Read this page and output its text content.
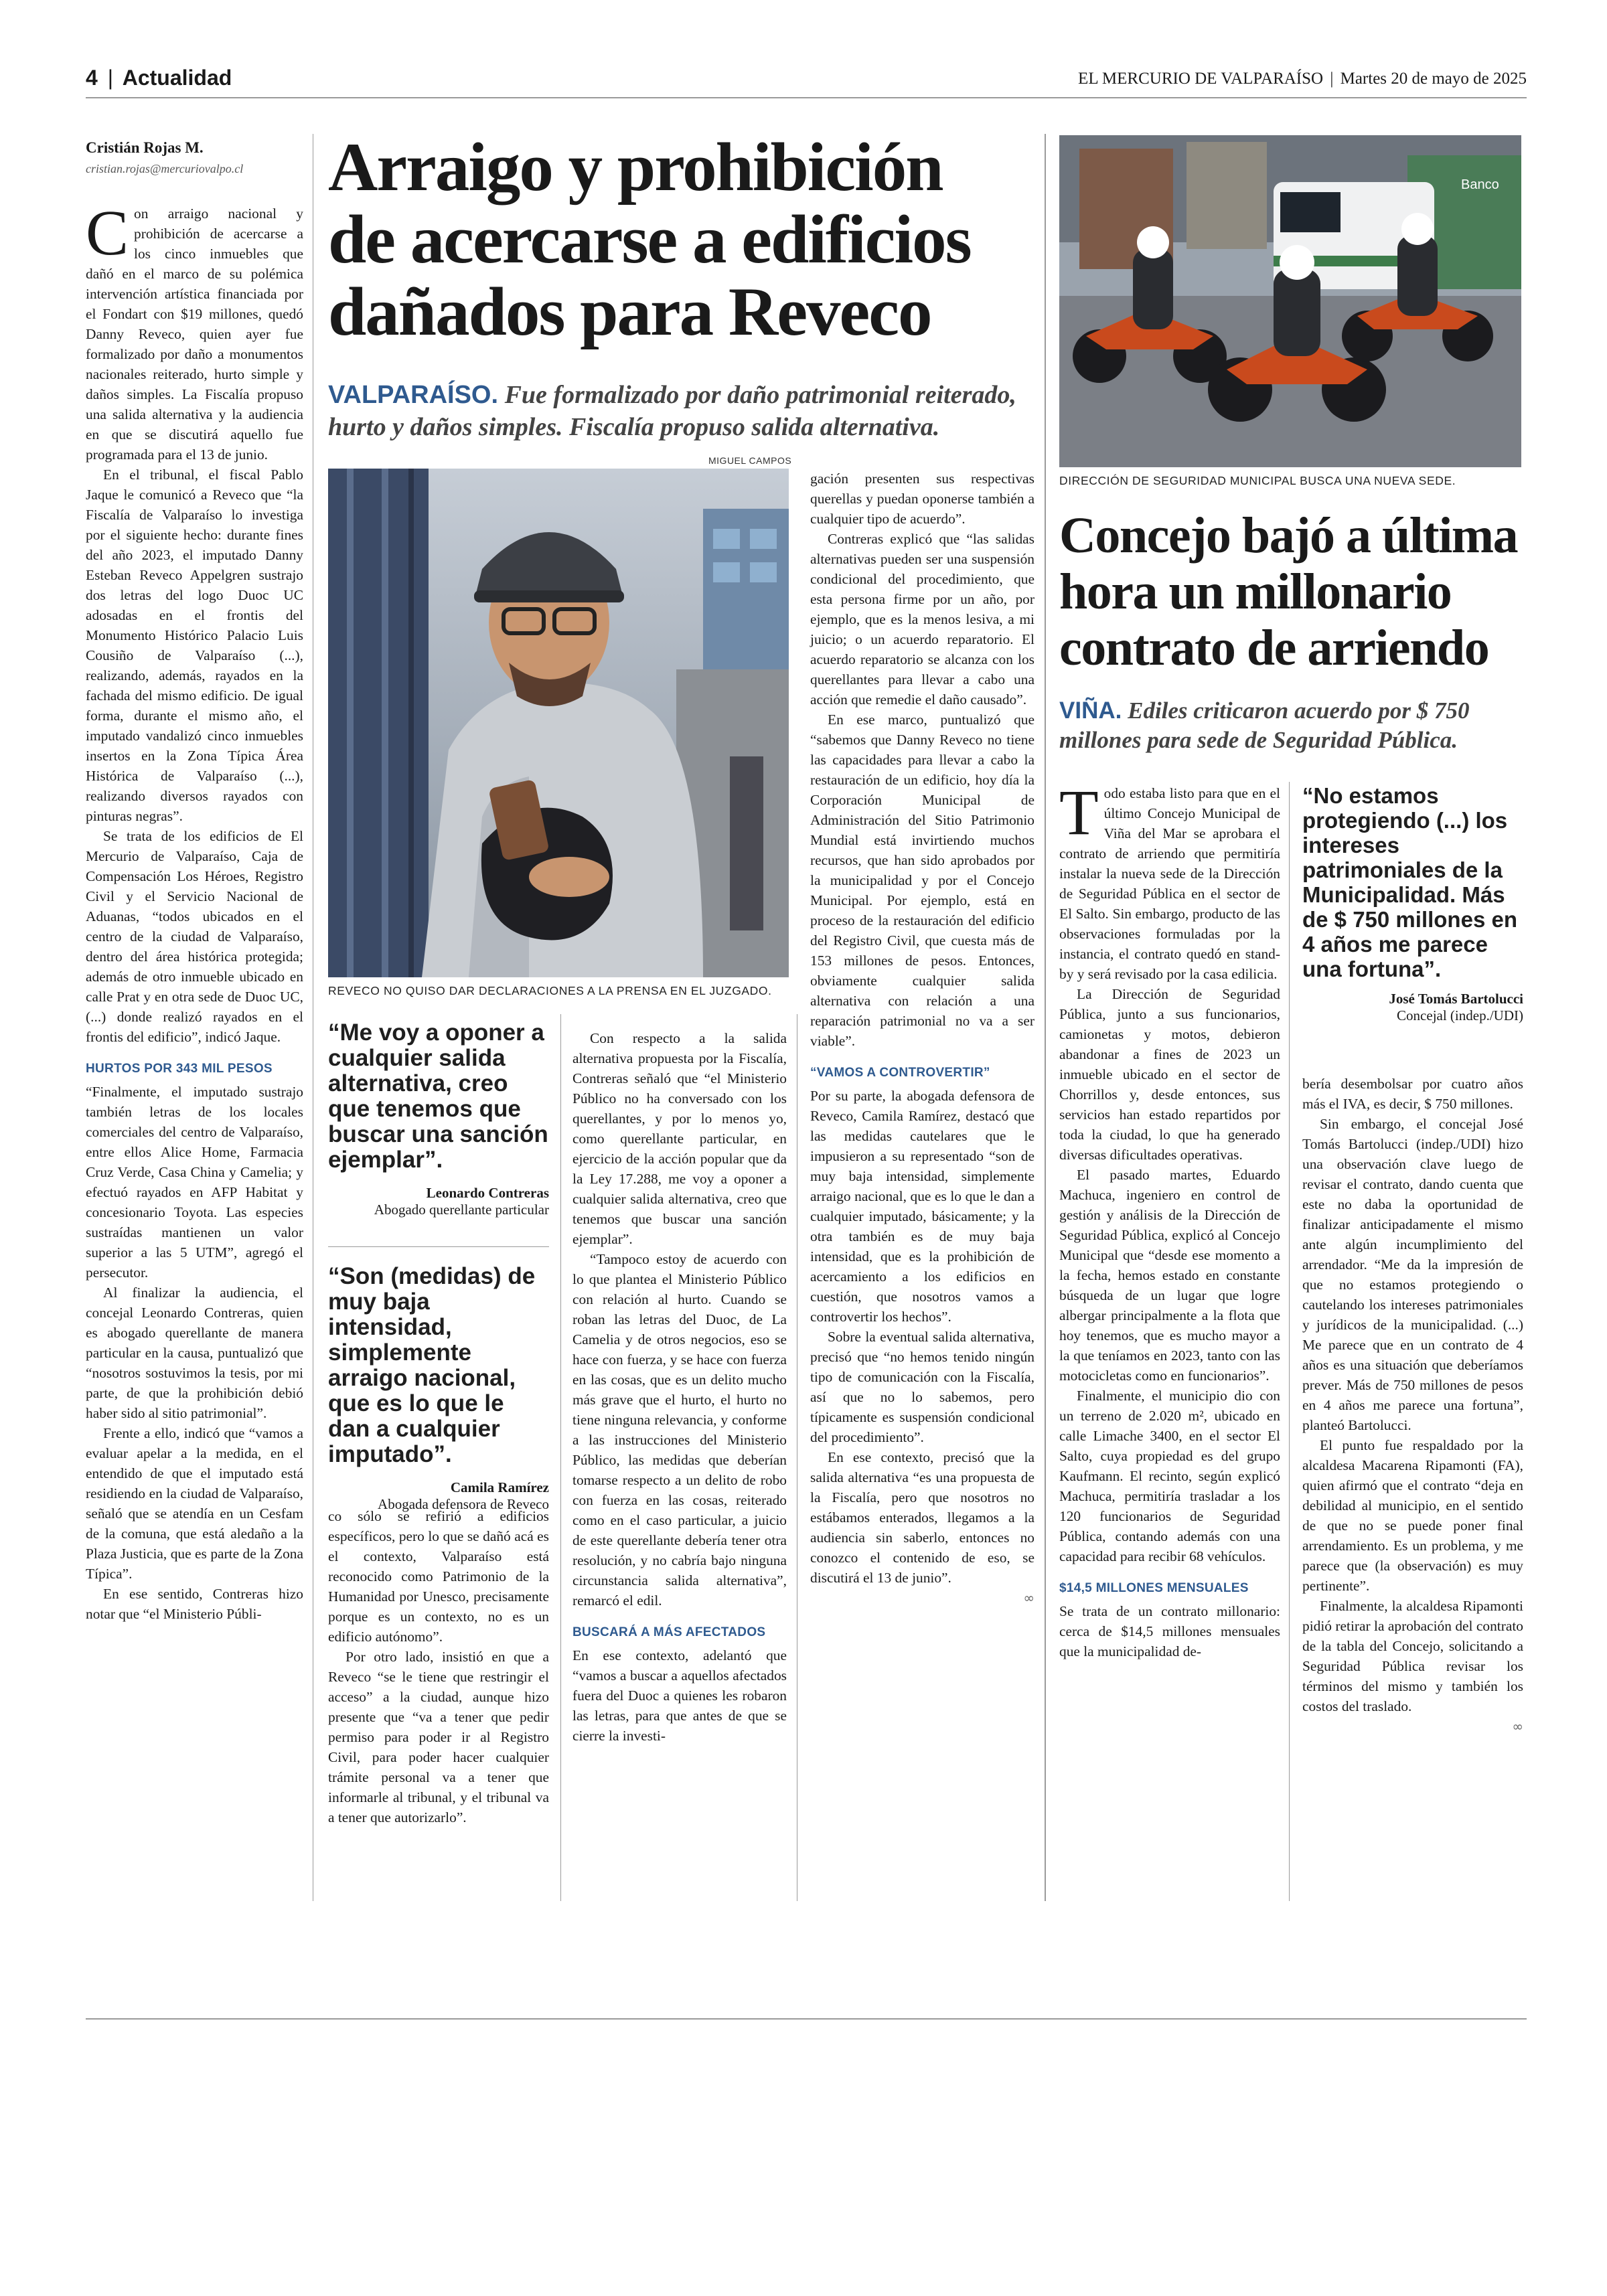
4 | Actualidad	EL MERCURIO DE VALPARAÍSO | Martes 20 de mayo de 2025
Cristián Rojas M.
cristian.rojas@mercuriovalpo.cl Arraigo y prohibición
de acercarse a edificios
dañados para Reveco
VALPARAÍSO. Fue formalizado por daño patrimonial reiterado, hurto y daños simples. Fiscalía propuso salida alternativa.
MIGUEL CAMPOS
REVECO NO QUISO DAR DECLARACIONES A LA PRENSA EN EL JUZGADO.

Con arraigo nacional y prohibición de acercarse a los cinco inmuebles que dañó en el marco de su polémica intervención artística financiada por el Fondart con $19 millones, quedó Danny Reveco, quien ayer fue formalizado por daño a monumentos nacionales reiterado, hurto simple y daños simples. La Fiscalía propuso una salida alternativa y la audiencia en que se discutirá aquello fue programada para el 13 de junio.

En el tribunal, el fiscal Pablo Jaque le comunicó a Reveco que “la Fiscalía de Valparaíso lo investiga por el siguiente hecho: durante fines del año 2023, el imputado Danny Esteban Reveco Appelgren sustrajo dos letras del logo Duoc UC adosadas en el frontis del Monumento Histórico Palacio Luis Cousiño de Valparaíso (...), realizando, además, rayados en la fachada del mismo edificio. De igual forma, durante el mismo año, el imputado vandalizó cinco inmuebles insertos en la Zona Típica Área Histórica de Valparaíso (...), realizando diversos rayados con pinturas negras”.

Se trata de los edificios de El Mercurio de Valparaíso, Caja de Compensación Los Héroes, Registro Civil y el Servicio Nacional de Aduanas, “todos ubicados en el centro de la ciudad de Valparaíso, dentro del área histórica protegida; además de otro inmueble ubicado en calle Prat y en otra sede de Duoc UC, (...) donde realizó rayados en el frontis del edificio”, indicó Jaque.

HURTOS POR 343 MIL PESOS

“Finalmente, el imputado sustrajo también letras de los locales comerciales del centro de Valparaíso, entre ellos Alice Home, Farmacia Cruz Verde, Casa China y Camelia; y efectuó rayados en AFP Habitat y concesionario Toyota. Las especies sustraídas mantienen un valor superior a las 5 UTM”, agregó el persecutor.

Al finalizar la audiencia, el concejal Leonardo Contreras, quien es abogado querellante de manera particular en la causa, puntualizó que “nosotros sostuvimos la tesis, por mi parte, de que la prohibición debió haber sido al sitio patrimonial”.

Frente a ello, indicó que “vamos a evaluar apelar a la medida, en el entendido de que el imputado está residiendo en la ciudad de Valparaíso, señaló que se atendía en un Cesfam de la comuna, que está aledaño a la Plaza Justicia, que es parte de la Zona Típica”.

En ese sentido, Contreras hizo notar que “el Ministerio Públi-

“Me voy a oponer a cualquier salida alternativa, creo que tenemos que buscar una sanción ejemplar”.
Leonardo Contreras
Abogado querellante particular
“Son (medidas) de muy baja intensidad, simplemente arraigo nacional, que es lo que le dan a cualquier imputado”.
Camila Ramírez
Abogada defensora de Reveco

co sólo se refirió a edificios específicos, pero lo que se dañó acá es el contexto, Valparaíso está reconocido como Patrimonio de la Humanidad por Unesco, precisamente porque es un contexto, no es un edificio autónomo”.

Por otro lado, insistió en que a Reveco “se le tiene que restringir el acceso” a la ciudad, aunque hizo presente que “va a tener que pedir permiso para poder ir al Registro Civil, para poder hacer cualquier trámite personal va a tener que informarle al tribunal, y el tribunal va a tener que autorizarlo”.

Con respecto a la salida alternativa propuesta por la Fiscalía, Contreras señaló que “el Ministerio Público no ha conversado con los querellantes, y por lo menos yo, como querellante particular, en ejercicio de la acción popular que da la Ley 17.288, me voy a oponer a cualquier salida alternativa, creo que tenemos que buscar una sanción ejemplar”.

“Tampoco estoy de acuerdo con lo que plantea el Ministerio Público con relación al hurto. Cuando se roban las letras del Duoc, de La Camelia y de otros negocios, eso se hace con fuerza, y se hace con fuerza en las cosas, que es un delito mucho más grave que el hurto, el hurto no tiene ninguna relevancia, y conforme a las instrucciones del Ministerio Público, las medidas que deberían tomarse respecto a un delito de robo con fuerza en las cosas, reiterado como en el caso particular, a juicio de este querellante debería tener otra resolución, y no cabría bajo ninguna circunstancia salida alternativa”, remarcó el edil.

BUSCARÁ A MÁS AFECTADOS

En ese contexto, adelantó que “vamos a buscar a aquellos afectados fuera del Duoc a quienes les robaron las letras, para que antes de que se cierre la investi-

gación presenten sus respectivas querellas y puedan oponerse también a cualquier tipo de acuerdo”.

Contreras explicó que “las salidas alternativas pueden ser una suspensión condicional del procedimiento, que esta persona firme por un año, por ejemplo, que es la menos lesiva, a mi juicio; o un acuerdo reparatorio. El acuerdo reparatorio se alcanza con los querellantes para llevar a cabo una acción que remedie el daño causado”.

En ese marco, puntualizó que “sabemos que Danny Reveco no tiene las capacidades para llevar a cabo la restauración de un edificio, hoy día la Corporación Municipal de Administración del Sitio Patrimonio Mundial está invirtiendo muchos recursos, que han sido aprobados por la municipalidad y por el Concejo Municipal. Por ejemplo, está en proceso de la restauración del edificio del Registro Civil, que cuesta más de 153 millones de pesos. Entonces, obviamente cualquier salida alternativa con relación a una reparación patrimonial no va a ser viable”.

“VAMOS A CONTROVERTIR”

Por su parte, la abogada defensora de Reveco, Camila Ramírez, destacó que las medidas cautelares que le impusieron a su representado “son de muy baja intensidad, simplemente arraigo nacional, que es lo que le dan a cualquier imputado, básicamente; y la otra también es de muy baja intensidad, que es la prohibición de acercamiento a los edificios en cuestión, que nosotros vamos a controvertir los hechos”.

Sobre la eventual salida alternativa, precisó que “no hemos tenido ningún tipo de comunicación con la Fiscalía, así que no lo sabemos, pero típicamente es suspensión condicional del procedimiento”.

En ese contexto, precisó que la salida alternativa “es una propuesta de la Fiscalía, pero que nosotros no estábamos enterados, llegamos a la audiencia sin saberlo, entonces no conozco el contenido de eso, se discutirá el 13 de junio”.

∞
Banco
DIRECCIÓN DE SEGURIDAD MUNICIPAL BUSCA UNA NUEVA SEDE.
Concejo bajó a última
hora un millonario
contrato de arriendo
VIÑA. Ediles criticaron acuerdo por $ 750 millones para sede de Seguridad Pública.

Todo estaba listo para que en el último Concejo Municipal de Viña del Mar se aprobara el contrato de arriendo que permitiría instalar la nueva sede de la Dirección de Seguridad Pública en el sector de El Salto. Sin embargo, producto de las observaciones formuladas por la instancia, el contrato quedó en stand-by y será revisado por la casa edilicia.

La Dirección de Seguridad Pública, junto a sus funcionarios, camionetas y motos, debieron abandonar a fines de 2023 un inmueble ubicado en el sector de Chorrillos y, desde entonces, sus servicios han estado repartidos por toda la ciudad, lo que ha generado diversas dificultades operativas.

El pasado martes, Eduardo Machuca, ingeniero en control de gestión y análisis de la Dirección de Seguridad Pública, explicó al Concejo Municipal que “desde ese momento a la fecha, hemos estado en constante búsqueda de un lugar que logre albergar principalmente a la flota que hoy tenemos, que es mucho mayor a la que teníamos en 2023, tanto con las motocicletas como en funcionarios”.

Finalmente, el municipio dio con un terreno de 2.020 m², ubicado en calle Limache 3400, en el sector El Salto, cuya propiedad es del grupo Kaufmann. El recinto, según explicó Machuca, permitiría trasladar a los 120 funcionarios de Seguridad Pública, contando además con una capacidad para recibir 68 vehículos.

$14,5 MILLONES MENSUALES

Se trata de un contrato millonario: cerca de $14,5 millones mensuales que la municipalidad de-

“No estamos protegiendo (...) los intereses patrimoniales de la Municipalidad. Más de $ 750 millones en 4 años me parece una fortuna”.
José Tomás Bartolucci
Concejal (indep./UDI)

bería desembolsar por cuatro años más el IVA, es decir, $ 750 millones.

Sin embargo, el concejal José Tomás Bartolucci (indep./UDI) hizo una observación clave luego de revisar el contrato, dando cuenta que este no daba la oportunidad de finalizar anticipadamente el mismo ante algún incumplimiento del arrendador. “Me da la impresión de que no estamos protegiendo o cautelando los intereses patrimoniales y jurídicos de la municipalidad. (...) Me parece que en un contrato de 4 años es una situación que deberíamos prever. Más de 750 millones de pesos en 4 años me parece una fortuna”, planteó Bartolucci.

El punto fue respaldado por la alcaldesa Macarena Ripamonti (FA), quien afirmó que el contrato “deja en debilidad al municipio, en el sentido de que no se puede poner final arrendamiento. Es un problema, y me parece que (la observación) es muy pertinente”.

Finalmente, la alcaldesa Ripamonti pidió retirar la aprobación del contrato de la tabla del Concejo, solicitando a Seguridad Pública revisar los términos del mismo y también los costos del traslado.

∞
